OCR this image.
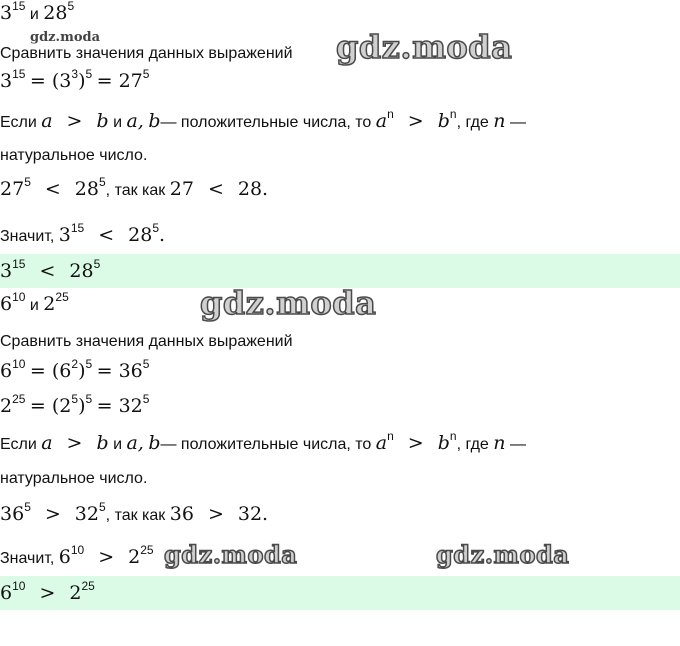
$3^{15}$ и $28^5$
gdz.moda
Сравнить значения данных выражений gdz.moda
$3^{15} = (3^3)^5 = 27^5$
Если a > b и a, b— положительные числа, то $a^n > b^n$, где n —
натуральное число.
$27^5 < 28^5$, так как 27 < 28.
Значит, $3^{15} < 28^5$.
$3^{15} < 28^5$
$6^{10}$ и $2^{25}$	gdz.moda
Сравнить значения данных выражений
$6^{10} = (6^2)^5 = 36^5$
$2^{25} = (2^5)^5 = 32^5$
Если a > b и a, b— положительные числа, то $a^n > b^n$, где n —
натуральное число.
$36^5 > 32^5$, так как 36 > 32.
Значит, $6^{10} > 2^{25}$ gdz.moda	gdz.moda
$6^{10} > 2^{25}$
